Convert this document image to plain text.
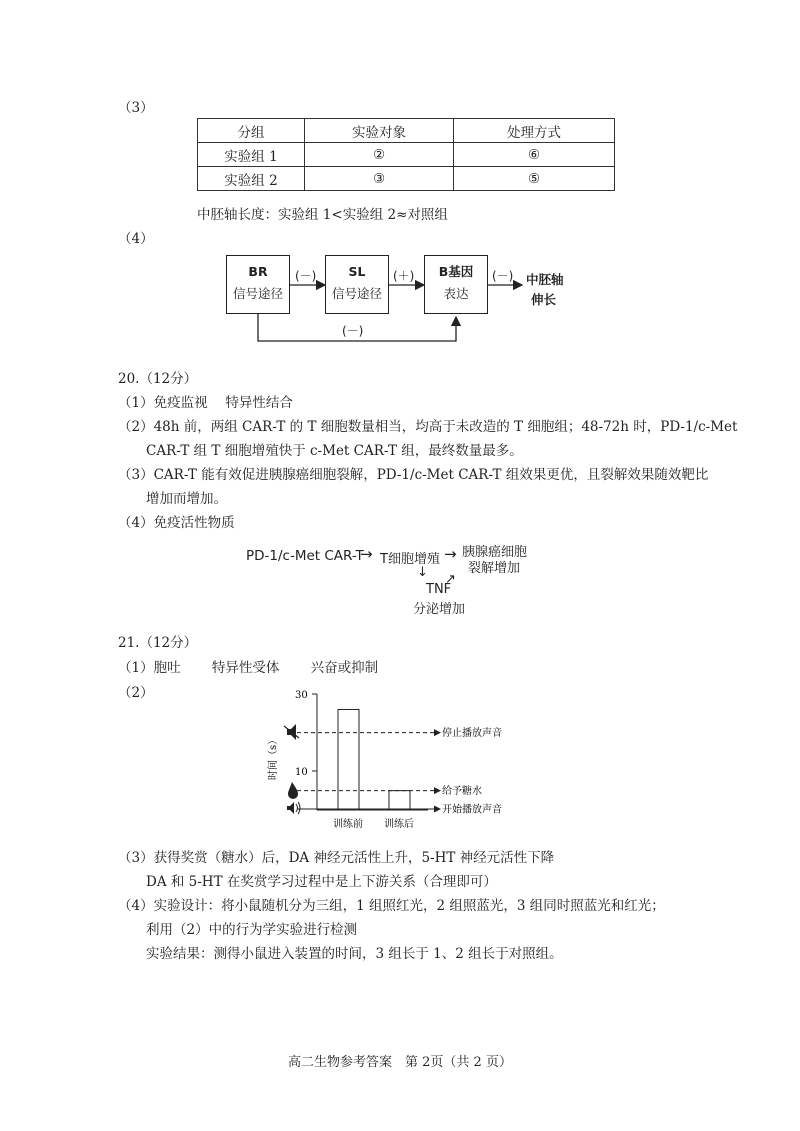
（3）
分组	实验对象	处理方式
实验组 1	②	⑥
实验组 2	③	⑤
中胚轴长度：实验组 1<实验组 2≈对照组
（4）
BR
信号途径
SL
信号途径
B基因
表达
(－)	(＋)	(－)
(－)
中胚轴
伸长
20.（12分）
（1）免疫监视　 特异性结合
（2）48h 前，两组 CAR-T 的 T 细胞数量相当，均高于未改造的 T 细胞组；48-72h 时，PD-1/c-Met
CAR-T 组 T 细胞增殖快于 c-Met CAR-T 组，最终数量最多。
（3）CAR-T 能有效促进胰腺癌细胞裂解，PD-1/c-Met CAR-T 组效果更优，且裂解效果随效靶比
增加而增加。
（4）免疫活性物质
PD-1/c-Met CAR-T
→ T细胞增殖 → 胰腺癌细胞
裂解增加
↓ ↗
TNF
分泌增加
21.（12分）
（1）胞吐　　 特异性受体　　 兴奋或抑制
（2）	30
10
时间（s）
训练前 训练后
停止播放声音
给予糖水
开始播放声音
（3）获得奖赏（糖水）后，DA 神经元活性上升，5-HT 神经元活性下降
DA 和 5-HT 在奖赏学习过程中是上下游关系（合理即可）
（4）实验设计：将小鼠随机分为三组，1 组照红光，2 组照蓝光，3 组同时照蓝光和红光；
利用（2）中的行为学实验进行检测
实验结果：测得小鼠进入装置的时间，3 组长于 1、2 组长于对照组。
高二生物参考答案　第 2页（共 2 页）
